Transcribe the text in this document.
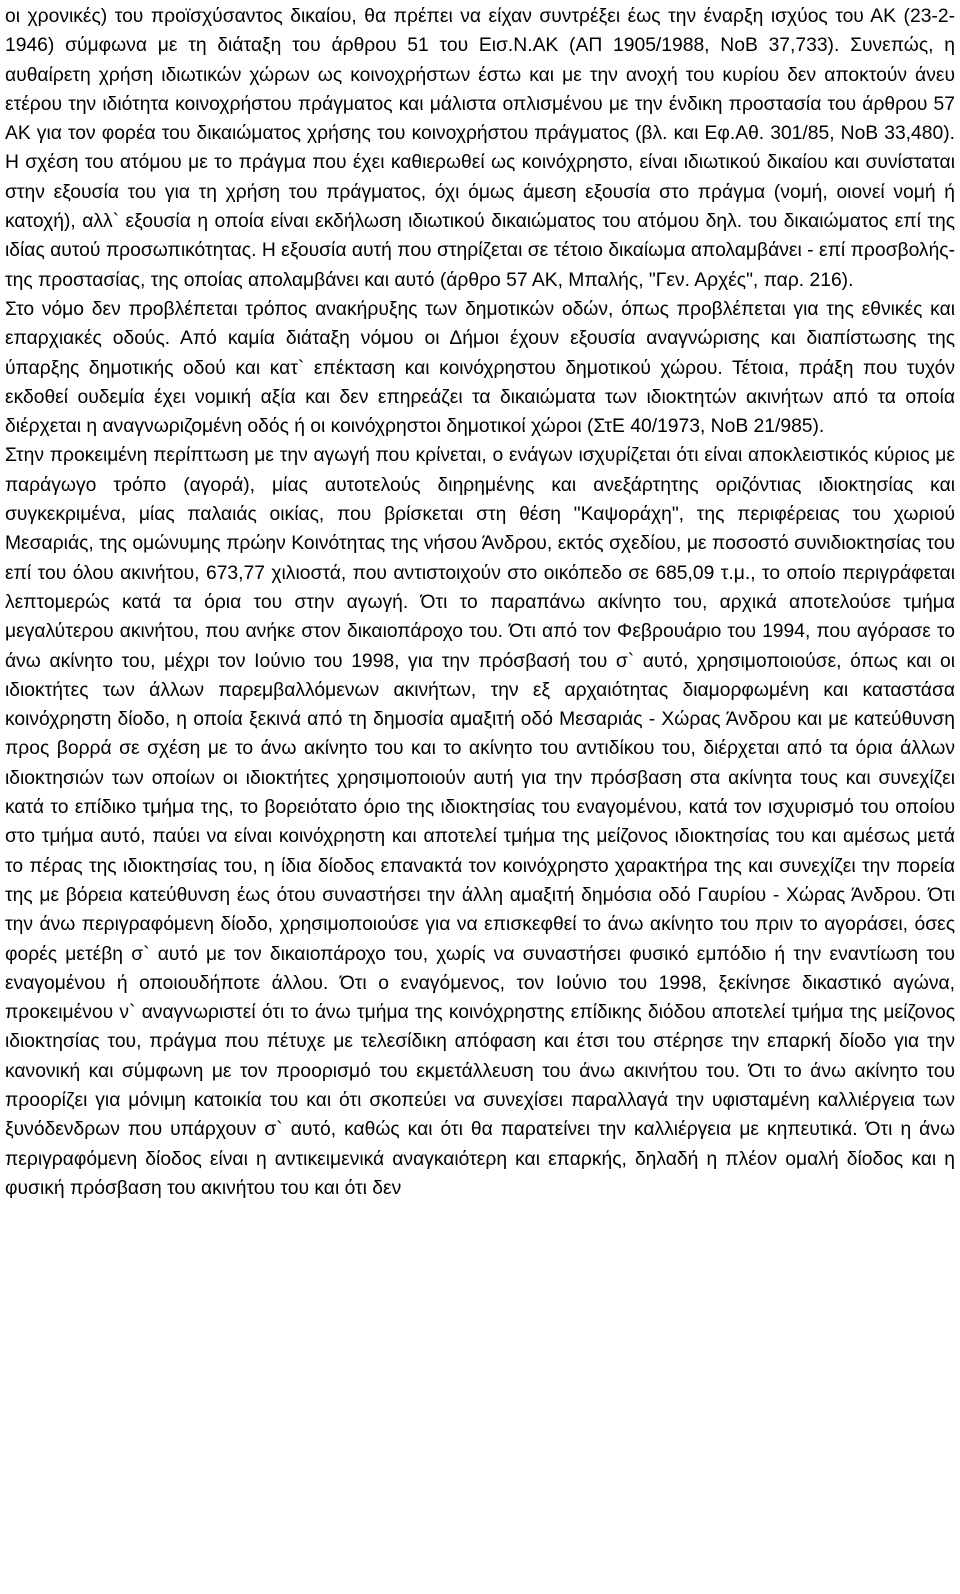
οι χρονικές) του προϊσχύσαντος δικαίου, θα πρέπει να είχαν συντρέξει έως την έναρξη ισχύος του ΑΚ (23-2-1946) σύμφωνα με τη διάταξη του άρθρου 51 του Εισ.Ν.ΑΚ (ΑΠ 1905/1988, ΝοΒ 37,733). Συνεπώς, η αυθαίρετη χρήση ιδιωτικών χώρων ως κοινοχρήστων έστω και με την ανοχή του κυρίου δεν αποκτούν άνευ ετέρου την ιδιότητα κοινοχρήστου πράγματος και μάλιστα οπλισμένου με την ένδικη προστασία του άρθρου 57 ΑΚ για τον φορέα του δικαιώματος χρήσης του κοινοχρήστου πράγματος (βλ. και Εφ.Αθ. 301/85, ΝοΒ 33,480). Η σχέση του ατόμου με το πράγμα που έχει καθιερωθεί ως κοινόχρηστο, είναι ιδιωτικού δικαίου και συνίσταται στην εξουσία του για τη χρήση του πράγματος, όχι όμως άμεση εξουσία στο πράγμα (νομή, οιονεί νομή ή κατοχή), αλλ` εξουσία η οποία είναι εκδήλωση ιδιωτικού δικαιώματος του ατόμου δηλ. του δικαιώματος επί της ιδίας αυτού προσωπικότητας. Η εξουσία αυτή που στηρίζεται σε τέτοιο δικαίωμα απολαμβάνει - επί προσβολής- της προστασίας, της οποίας απολαμβάνει και αυτό (άρθρο 57 ΑΚ, Μπαλής, "Γεν. Αρχές", παρ. 216).

Στο νόμο δεν προβλέπεται τρόπος ανακήρυξης των δημοτικών οδών, όπως προβλέπεται για της εθνικές και επαρχιακές οδούς. Από καμία διάταξη νόμου οι Δήμοι έχουν εξουσία αναγνώρισης και διαπίστωσης της ύπαρξης δημοτικής οδού και κατ` επέκταση και κοινόχρηστου δημοτικού χώρου. Τέτοια, πράξη που τυχόν εκδοθεί ουδεμία έχει νομική αξία και δεν επηρεάζει τα δικαιώματα των ιδιοκτητών ακινήτων από τα οποία διέρχεται η αναγνωριζομένη οδός ή οι κοινόχρηστοι δημοτικοί χώροι (ΣτΕ 40/1973, ΝοΒ 21/985).

Στην προκειμένη περίπτωση με την αγωγή που κρίνεται, ο ενάγων ισχυρίζεται ότι είναι αποκλειστικός κύριος με παράγωγο τρόπο (αγορά), μίας αυτοτελούς διηρημένης και ανεξάρτητης οριζόντιας ιδιοκτησίας και συγκεκριμένα, μίας παλαιάς οικίας, που βρίσκεται στη θέση "Καψοράχη", της περιφέρειας του χωριού Μεσαριάς, της ομώνυμης πρώην Κοινότητας της νήσου Άνδρου, εκτός σχεδίου, με ποσοστό συνιδιοκτησίας του επί του όλου ακινήτου, 673,77 χιλιοστά, που αντιστοιχούν στο οικόπεδο σε 685,09 τ.μ., το οποίο περιγράφεται λεπτομερώς κατά τα όρια του στην αγωγή. Ότι το παραπάνω ακίνητο του, αρχικά αποτελούσε τμήμα μεγαλύτερου ακινήτου, που ανήκε στον δικαιοπάροχο του. Ότι από τον Φεβρουάριο του 1994, που αγόρασε το άνω ακίνητο του, μέχρι τον Ιούνιο του 1998, για την πρόσβασή του σ` αυτό, χρησιμοποιούσε, όπως και οι ιδιοκτήτες των άλλων παρεμβαλλόμενων ακινήτων, την εξ αρχαιότητας διαμορφωμένη και καταστάσα κοινόχρηστη δίοδο, η οποία ξεκινά από τη δημοσία αμαξιτή οδό Μεσαριάς - Χώρας Άνδρου και με κατεύθυνση προς βορρά σε σχέση με το άνω ακίνητο του και το ακίνητο του αντιδίκου του, διέρχεται από τα όρια άλλων ιδιοκτησιών των οποίων οι ιδιοκτήτες χρησιμοποιούν αυτή για την πρόσβαση στα ακίνητα τους και συνεχίζει κατά το επίδικο τμήμα της, το βορειότατο όριο της ιδιοκτησίας του εναγομένου, κατά τον ισχυρισμό του οποίου στο τμήμα αυτό, παύει να είναι κοινόχρηστη και αποτελεί τμήμα της μείζονος ιδιοκτησίας του και αμέσως μετά το πέρας της ιδιοκτησίας του, η ίδια δίοδος επανακτά τον κοινόχρηστο χαρακτήρα της και συνεχίζει την πορεία της με βόρεια κατεύθυνση έως ότου συναστήσει την άλλη αμαξιτή δημόσια οδό Γαυρίου - Χώρας Άνδρου. Ότι την άνω περιγραφόμενη δίοδο, χρησιμοποιούσε για να επισκεφθεί το άνω ακίνητο του πριν το αγοράσει, όσες φορές μετέβη σ` αυτό με τον δικαιοπάροχο του, χωρίς να συναστήσει φυσικό εμπόδιο ή την εναντίωση του εναγομένου ή οποιουδήποτε άλλου. Ότι ο εναγόμενος, τον Ιούνιο του 1998, ξεκίνησε δικαστικό αγώνα, προκειμένου ν` αναγνωριστεί ότι το άνω τμήμα της κοινόχρηστης επίδικης διόδου αποτελεί τμήμα της μείζονος ιδιοκτησίας του, πράγμα που πέτυχε με τελεσίδικη απόφαση και έτσι του στέρησε την επαρκή δίοδο για την κανονική και σύμφωνη με τον προορισμό του εκμετάλλευση του άνω ακινήτου του. Ότι το άνω ακίνητο του προορίζει για μόνιμη κατοικία του και ότι σκοπεύει να συνεχίσει παραλλαγά την υφισταμένη καλλιέργεια των ξυνόδενδρων που υπάρχουν σ` αυτό, καθώς και ότι θα παρατείνει την καλλιέργεια με κηπευτικά. Ότι η άνω περιγραφόμενη δίοδος είναι η αντικειμενικά αναγκαιότερη και επαρκής, δηλαδή η πλέον ομαλή δίοδος και η φυσική πρόσβαση του ακινήτου του και ότι δεν
